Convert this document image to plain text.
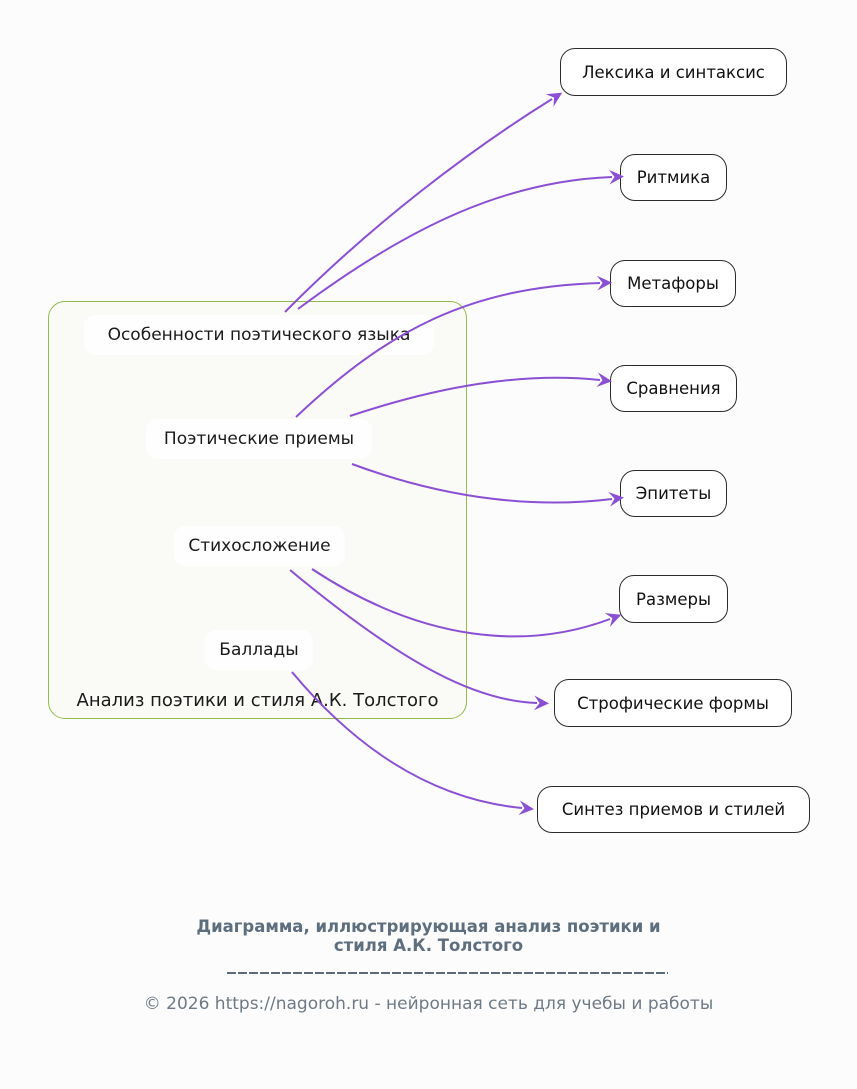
Анализ поэтики и стиля А.К. Толстого
Особенности поэтического языка
Поэтические приемы
Стихосложение
Баллады
Лексика и синтаксис
Ритмика
Метафоры
Сравнения
Эпитеты
Размеры
Строфические формы
Синтез приемов и стилей
Диаграмма, иллюстрирующая анализ поэтики и
стиля А.К. Толстого
© 2026 https://nagoroh.ru - нейронная сеть для учебы и работы
